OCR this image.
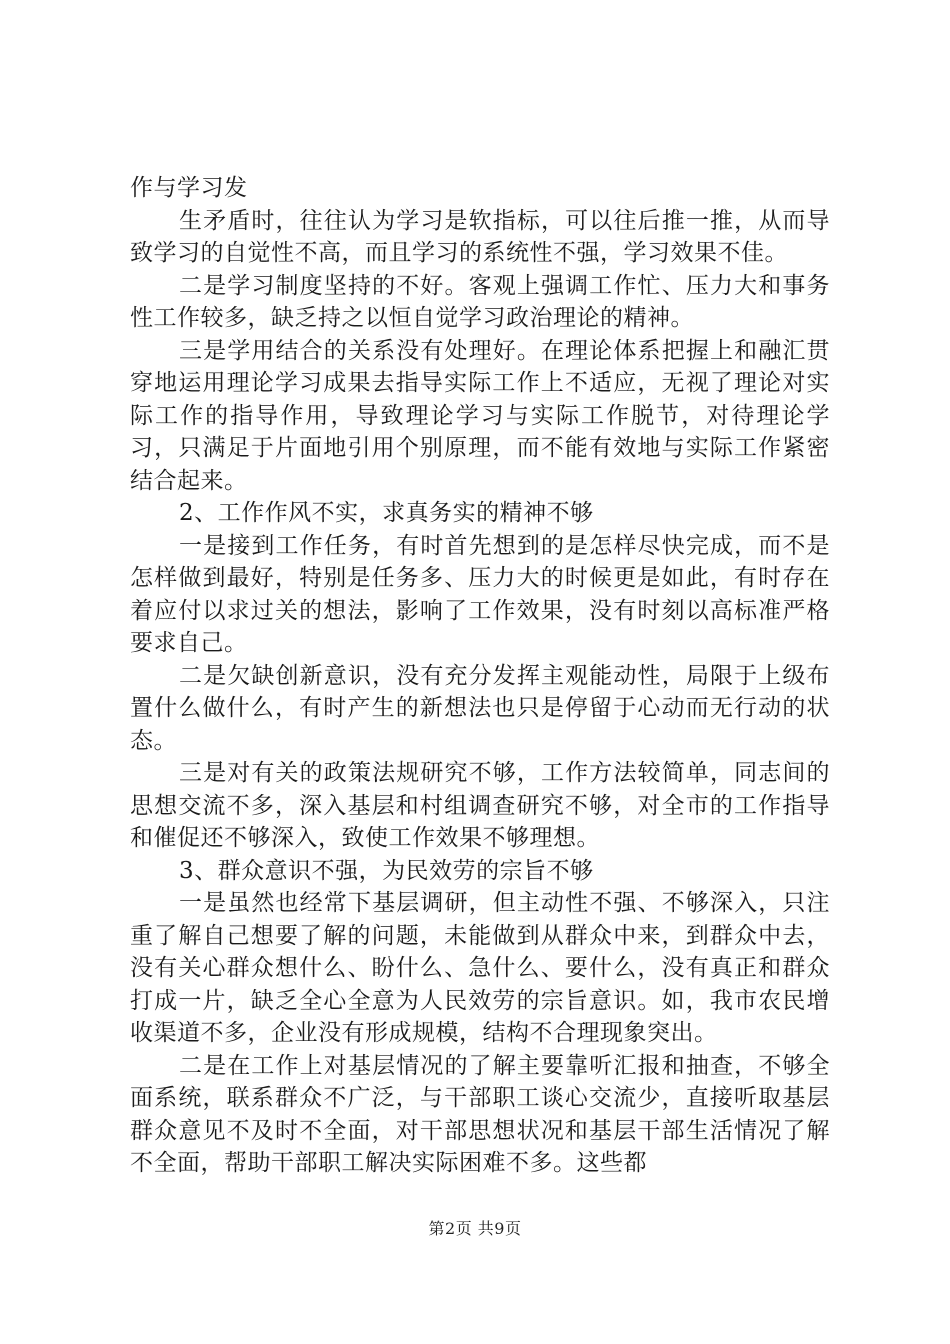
作与学习发

生矛盾时，往往认为学习是软指标，可以往后推一推，从而导致学习的自觉性不高，而且学习的系统性不强，学习效果不佳。

二是学习制度坚持的不好。客观上强调工作忙、压力大和事务性工作较多，缺乏持之以恒自觉学习政治理论的精神。

三是学用结合的关系没有处理好。在理论体系把握上和融汇贯穿地运用理论学习成果去指导实际工作上不适应，无视了理论对实际工作的指导作用，导致理论学习与实际工作脱节，对待理论学习，只满足于片面地引用个别原理，而不能有效地与实际工作紧密结合起来。

2、工作作风不实，求真务实的精神不够

一是接到工作任务，有时首先想到的是怎样尽快完成，而不是怎样做到最好，特别是任务多、压力大的时候更是如此，有时存在着应付以求过关的想法，影响了工作效果，没有时刻以高标准严格要求自己。

二是欠缺创新意识，没有充分发挥主观能动性，局限于上级布置什么做什么，有时产生的新想法也只是停留于心动而无行动的状态。

三是对有关的政策法规研究不够，工作方法较简单，同志间的思想交流不多，深入基层和村组调查研究不够，对全市的工作指导和催促还不够深入，致使工作效果不够理想。

3、群众意识不强，为民效劳的宗旨不够

一是虽然也经常下基层调研，但主动性不强、不够深入，只注重了解自己想要了解的问题，未能做到从群众中来，到群众中去，没有关心群众想什么、盼什么、急什么、要什么，没有真正和群众打成一片，缺乏全心全意为人民效劳的宗旨意识。如，我市农民增收渠道不多，企业没有形成规模，结构不合理现象突出。

二是在工作上对基层情况的了解主要靠听汇报和抽查，不够全面系统，联系群众不广泛，与干部职工谈心交流少，直接听取基层群众意见不及时不全面，对干部思想状况和基层干部生活情况了解不全面，帮助干部职工解决实际困难不多。这些都

第2页 共9页
